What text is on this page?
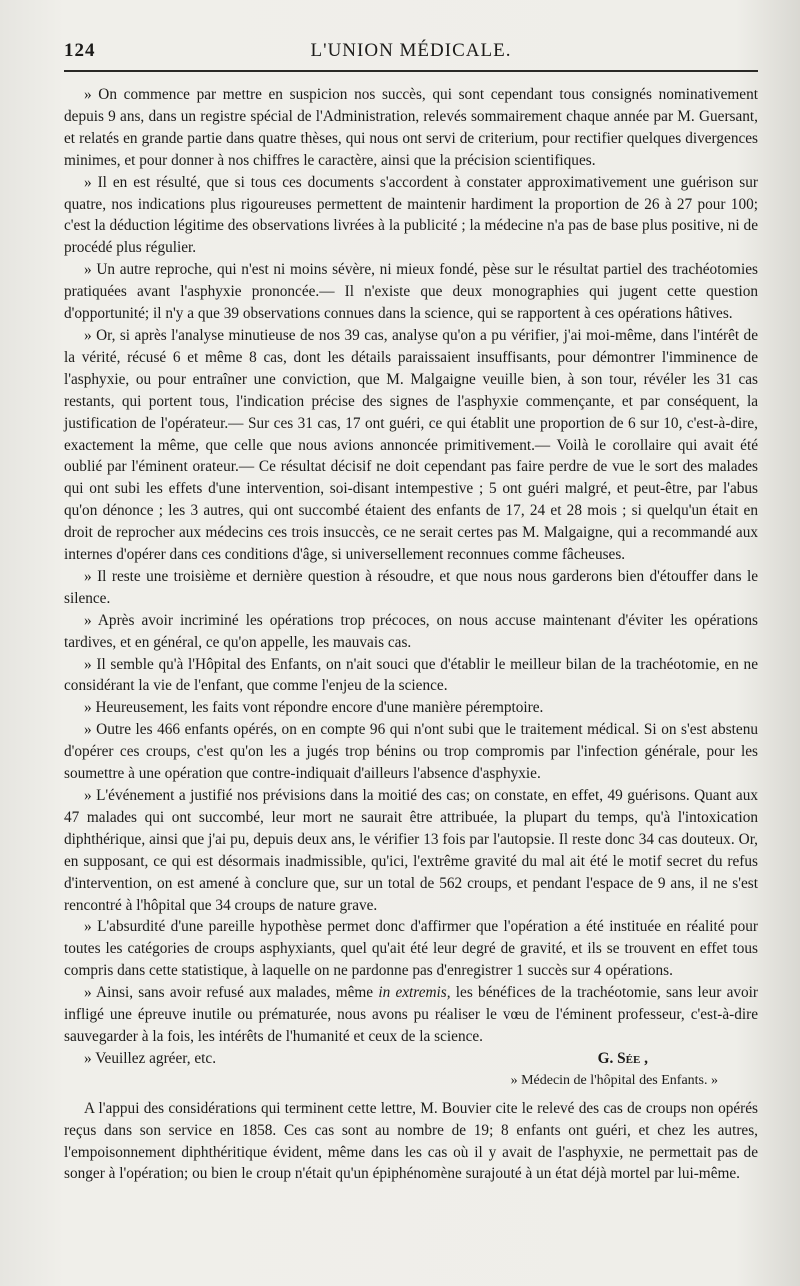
124	L'UNION MÉDICALE.

» On commence par mettre en suspicion nos succès, qui sont cependant tous consignés nominativement depuis 9 ans, dans un registre spécial de l'Administration, relevés sommairement chaque année par M. Guersant, et relatés en grande partie dans quatre thèses, qui nous ont servi de criterium, pour rectifier quelques divergences minimes, et pour donner à nos chiffres le caractère, ainsi que la précision scientifiques.

» Il en est résulté, que si tous ces documents s'accordent à constater approximativement une guérison sur quatre, nos indications plus rigoureuses permettent de maintenir hardiment la proportion de 26 à 27 pour 100; c'est la déduction légitime des observations livrées à la publicité ; la médecine n'a pas de base plus positive, ni de procédé plus régulier.

» Un autre reproche, qui n'est ni moins sévère, ni mieux fondé, pèse sur le résultat partiel des trachéotomies pratiquées avant l'asphyxie prononcée.— Il n'existe que deux monographies qui jugent cette question d'opportunité; il n'y a que 39 observations connues dans la science, qui se rapportent à ces opérations hâtives.

» Or, si après l'analyse minutieuse de nos 39 cas, analyse qu'on a pu vérifier, j'ai moi-même, dans l'intérêt de la vérité, récusé 6 et même 8 cas, dont les détails paraissaient insuffisants, pour démontrer l'imminence de l'asphyxie, ou pour entraîner une conviction, que M. Malgaigne veuille bien, à son tour, révéler les 31 cas restants, qui portent tous, l'indication précise des signes de l'asphyxie commençante, et par conséquent, la justification de l'opérateur.— Sur ces 31 cas, 17 ont guéri, ce qui établit une proportion de 6 sur 10, c'est-à-dire, exactement la même, que celle que nous avions annoncée primitivement.— Voilà le corollaire qui avait été oublié par l'éminent orateur.— Ce résultat décisif ne doit cependant pas faire perdre de vue le sort des malades qui ont subi les effets d'une intervention, soi-disant intempestive ; 5 ont guéri malgré, et peut-être, par l'abus qu'on dénonce ; les 3 autres, qui ont succombé étaient des enfants de 17, 24 et 28 mois ; si quelqu'un était en droit de reprocher aux médecins ces trois insuccès, ce ne serait certes pas M. Malgaigne, qui a recommandé aux internes d'opérer dans ces conditions d'âge, si universellement reconnues comme fâcheuses.

» Il reste une troisième et dernière question à résoudre, et que nous nous garderons bien d'étouffer dans le silence.

» Après avoir incriminé les opérations trop précoces, on nous accuse maintenant d'éviter les opérations tardives, et en général, ce qu'on appelle, les mauvais cas.

» Il semble qu'à l'Hôpital des Enfants, on n'ait souci que d'établir le meilleur bilan de la trachéotomie, en ne considérant la vie de l'enfant, que comme l'enjeu de la science.

» Heureusement, les faits vont répondre encore d'une manière péremptoire.

» Outre les 466 enfants opérés, on en compte 96 qui n'ont subi que le traitement médical. Si on s'est abstenu d'opérer ces croups, c'est qu'on les a jugés trop bénins ou trop compromis par l'infection générale, pour les soumettre à une opération que contre-indiquait d'ailleurs l'absence d'asphyxie.

» L'événement a justifié nos prévisions dans la moitié des cas; on constate, en effet, 49 guérisons. Quant aux 47 malades qui ont succombé, leur mort ne saurait être attribuée, la plupart du temps, qu'à l'intoxication diphthérique, ainsi que j'ai pu, depuis deux ans, le vérifier 13 fois par l'autopsie. Il reste donc 34 cas douteux. Or, en supposant, ce qui est désormais inadmissible, qu'ici, l'extrême gravité du mal ait été le motif secret du refus d'intervention, on est amené à conclure que, sur un total de 562 croups, et pendant l'espace de 9 ans, il ne s'est rencontré à l'hôpital que 34 croups de nature grave.

» L'absurdité d'une pareille hypothèse permet donc d'affirmer que l'opération a été instituée en réalité pour toutes les catégories de croups asphyxiants, quel qu'ait été leur degré de gravité, et ils se trouvent en effet tous compris dans cette statistique, à laquelle on ne pardonne pas d'enregistrer 1 succès sur 4 opérations.

» Ainsi, sans avoir refusé aux malades, même in extremis, les bénéfices de la trachéotomie, sans leur avoir infligé une épreuve inutile ou prématurée, nous avons pu réaliser le vœu de l'éminent professeur, c'est-à-dire sauvegarder à la fois, les intérêts de l'humanité et ceux de la science.

» Veuillez agréer, etc.	G. Sée ,
» Médecin de l'hôpital des Enfants. »

A l'appui des considérations qui terminent cette lettre, M. Bouvier cite le relevé des cas de croups non opérés reçus dans son service en 1858. Ces cas sont au nombre de 19; 8 enfants ont guéri, et chez les autres, l'empoisonnement diphthéritique évident, même dans les cas où il y avait de l'asphyxie, ne permettait pas de songer à l'opération; ou bien le croup n'était qu'un épiphénomène surajouté à un état déjà mortel par lui-même.
